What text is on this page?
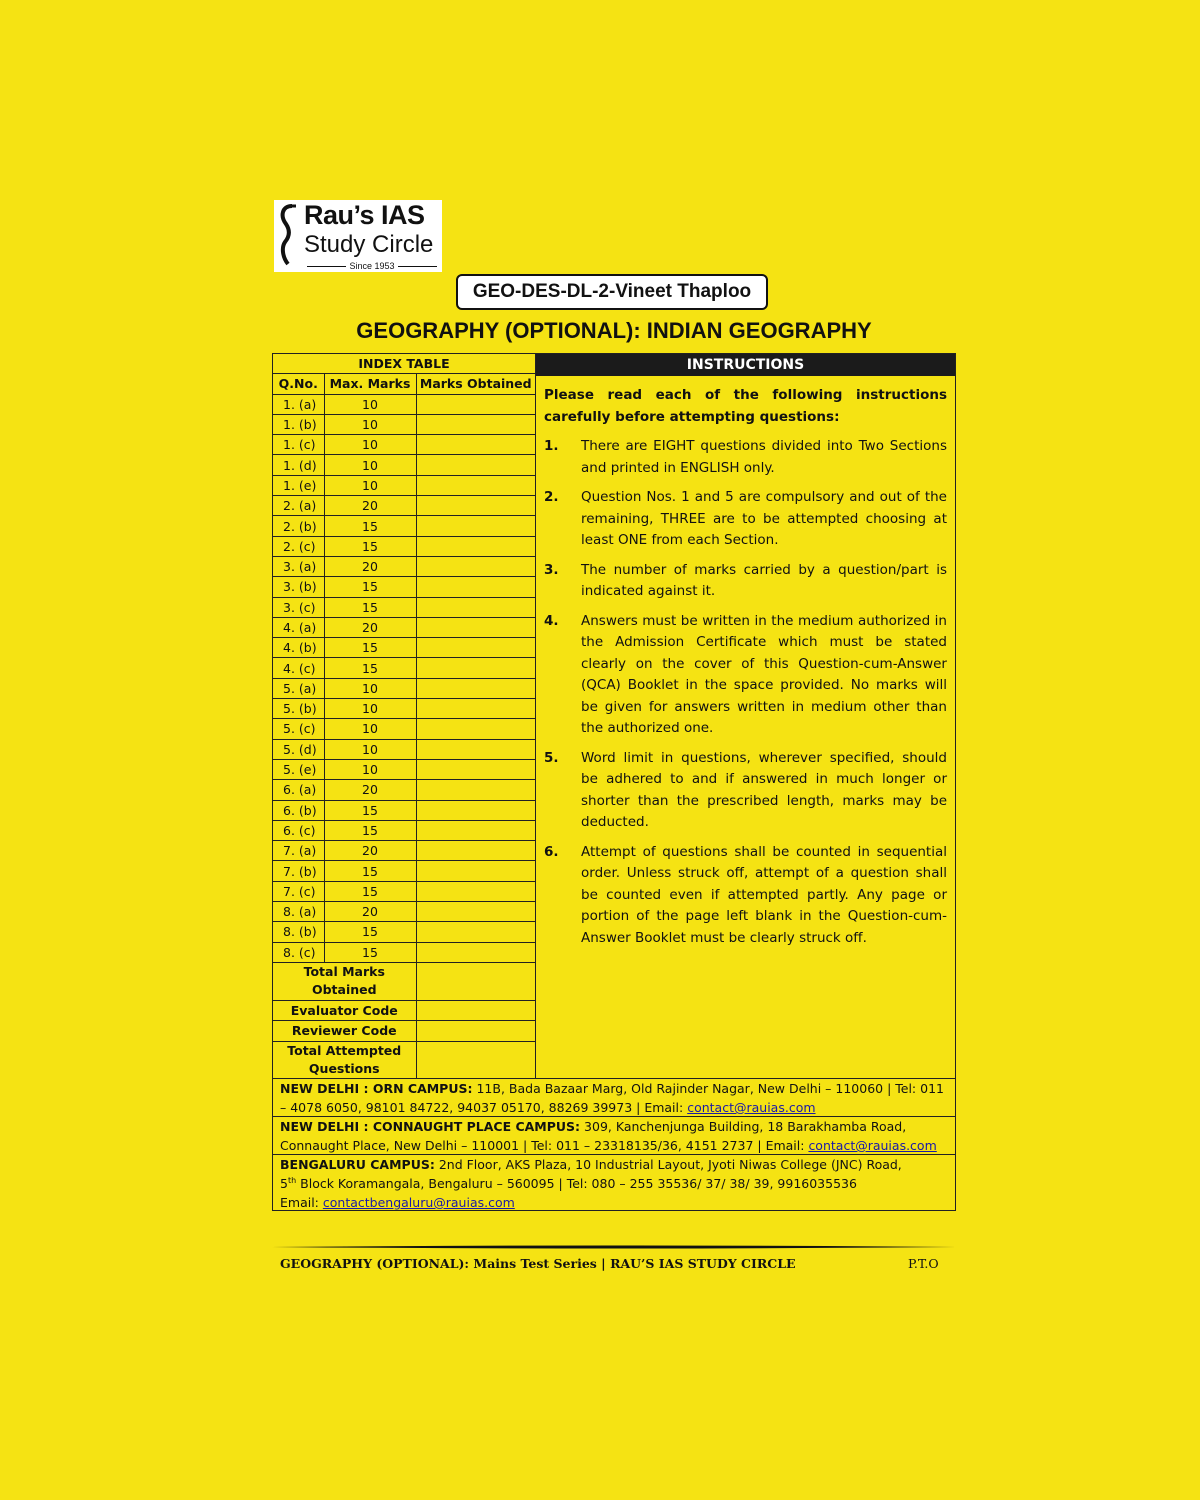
Rau’s IAS
Study Circle
Since 1953
GEO-DES-DL-2-Vineet Thaploo
GEOGRAPHY (OPTIONAL): INDIAN GEOGRAPHY
INDEX TABLE		
Q.No.	Max. Marks	Marks Obtained
1. (a)	10	
1. (b)	10	
1. (c)	10	
1. (d)	10	
1. (e)	10	
2. (a)	20	
2. (b)	15	
2. (c)	15	
3. (a)	20	
3. (b)	15	
3. (c)	15	
4. (a)	20	
4. (b)	15	
4. (c)	15	
5. (a)	10	
5. (b)	10	
5. (c)	10	
5. (d)	10	
5. (e)	10	
6. (a)	20	
6. (b)	15	
6. (c)	15	
7. (a)	20	
7. (b)	15	
7. (c)	15	
8. (a)	20	
8. (b)	15	
8. (c)	15	
Total Marks Obtained		
Evaluator Code		
Reviewer Code		
Total Attempted Questions		
INSTRUCTIONS
Please read each of the following instructions carefully before attempting questions:
1.	There are EIGHT questions divided into Two Sections and printed in ENGLISH only.
2.	Question Nos. 1 and 5 are compulsory and out of the remaining, THREE are to be attempted choosing at least ONE from each Section.
3.	The number of marks carried by a question/part is indicated against it.
4.	Answers must be written in the medium authorized in the Admission Certificate which must be stated clearly on the cover of this Question-cum-Answer (QCA) Booklet in the space provided. No marks will be given for answers written in medium other than the authorized one.
5.	Word limit in questions, wherever specified, should be adhered to and if answered in much longer or shorter than the prescribed length, marks may be deducted.
6.	Attempt of questions shall be counted in sequential order. Unless struck off, attempt of a question shall be counted even if attempted partly. Any page or portion of the page left blank in the Question-cum-Answer Booklet must be clearly struck off.
NEW DELHI : ORN CAMPUS: 11B, Bada Bazaar Marg, Old Rajinder Nagar, New Delhi – 110060 | Tel: 011 – 4078 6050, 98101 84722, 94037 05170, 88269 39973 | Email: contact@rauias.com
NEW DELHI : CONNAUGHT PLACE CAMPUS: 309, Kanchenjunga Building, 18 Barakhamba Road, Connaught Place, New Delhi – 110001 | Tel: 011 – 23318135/36, 4151 2737 | Email: contact@rauias.com
BENGALURU CAMPUS: 2nd Floor, AKS Plaza, 10 Industrial Layout, Jyoti Niwas College (JNC) Road,
5th Block Koramangala, Bengaluru – 560095 | Tel: 080 – 255 35536/ 37/ 38/ 39, 9916035536
Email: contactbengaluru@rauias.com
GEOGRAPHY (OPTIONAL): Mains Test Series | RAU’S IAS STUDY CIRCLE	P.T.O
